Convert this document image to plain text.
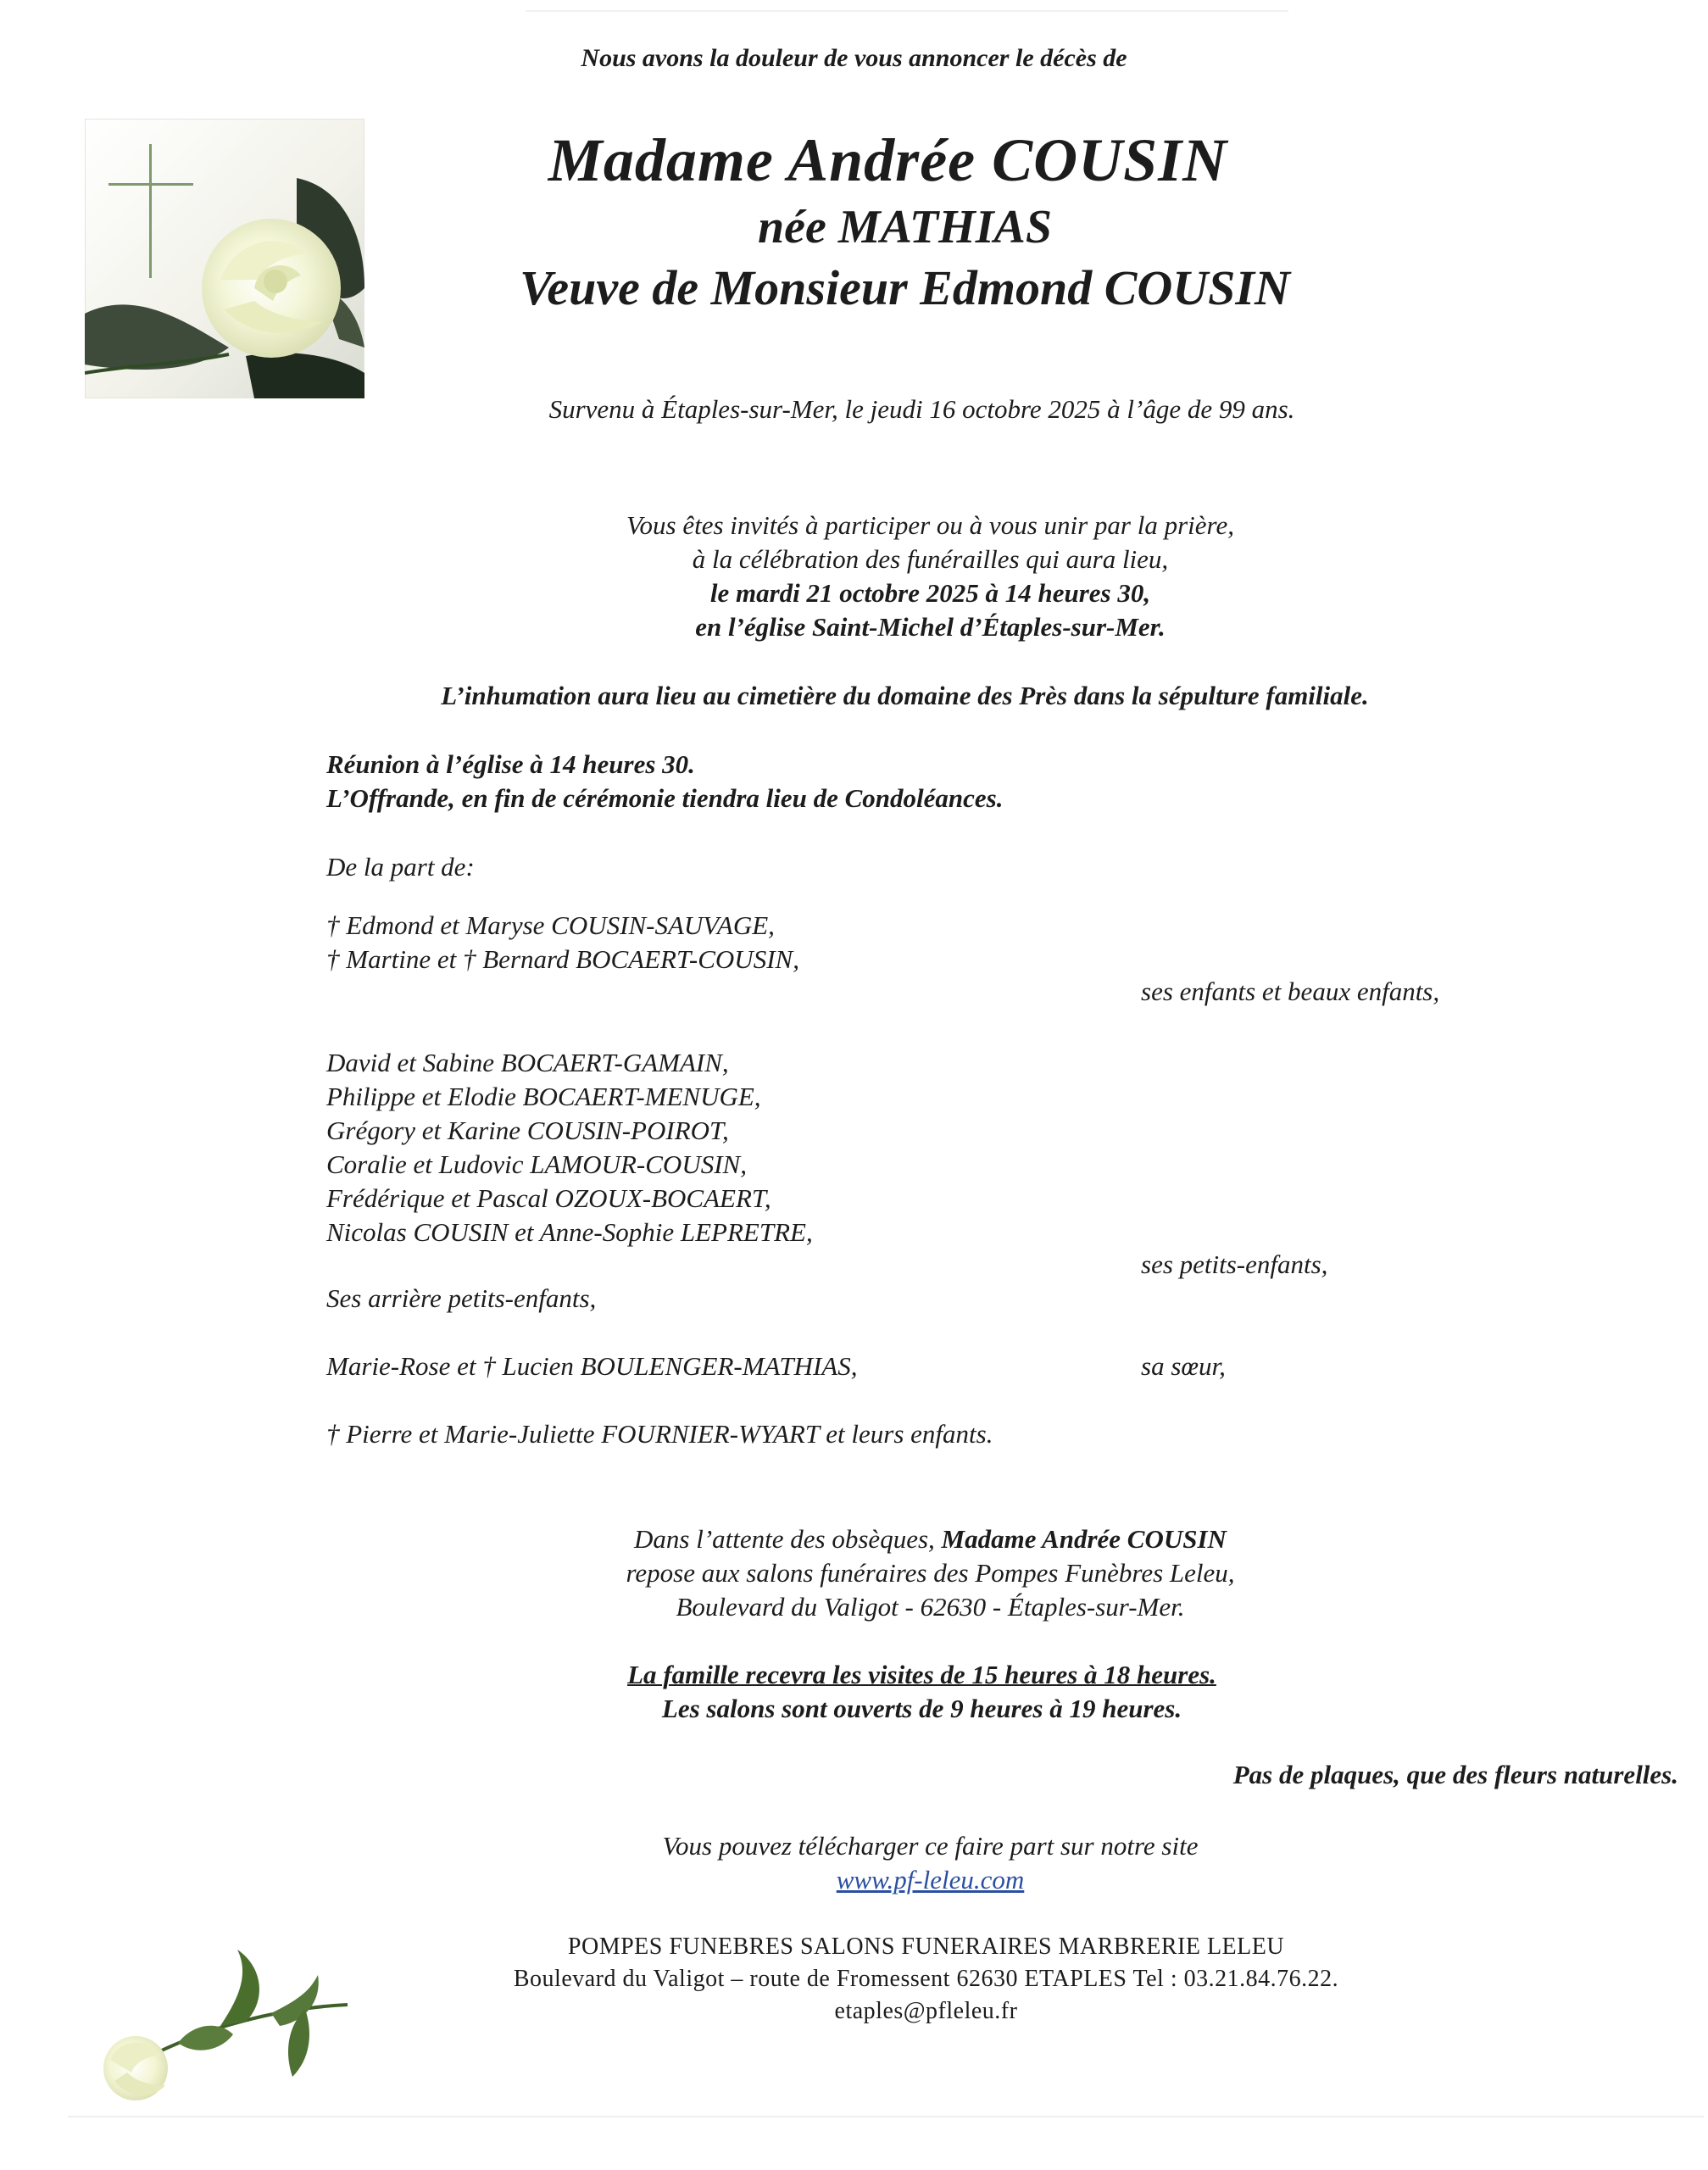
Nous avons la douleur de vous annoncer le décès de
Madame Andrée COUSIN
née MATHIAS
Veuve de Monsieur Edmond COUSIN
Survenu à Étaples-sur-Mer, le jeudi 16 octobre 2025 à l’âge de 99 ans.
Vous êtes invités à participer ou à vous unir par la prière,
à la célébration des funérailles qui aura lieu,
le mardi 21 octobre 2025 à 14 heures 30,
en l’église Saint-Michel d’Étaples-sur-Mer.
L’inhumation aura lieu au cimetière du domaine des Près dans la sépulture familiale.
Réunion à l’église à 14 heures 30.
L’Offrande, en fin de cérémonie tiendra lieu de Condoléances.
De la part de:
† Edmond et Maryse COUSIN-SAUVAGE,
† Martine et † Bernard BOCAERT-COUSIN,
ses enfants et beaux enfants,
David et Sabine BOCAERT-GAMAIN,
Philippe et Elodie BOCAERT-MENUGE,
Grégory et Karine COUSIN-POIROT,
Coralie et Ludovic LAMOUR-COUSIN,
Frédérique et Pascal OZOUX-BOCAERT,
Nicolas COUSIN et Anne-Sophie LEPRETRE,
ses petits-enfants,
Ses arrière petits-enfants,
Marie-Rose et † Lucien BOULENGER-MATHIAS,	sa sœur,
† Pierre et Marie-Juliette FOURNIER-WYART et leurs enfants.
Dans l’attente des obsèques, Madame Andrée COUSIN
repose aux salons funéraires des Pompes Funèbres Leleu,
Boulevard du Valigot - 62630 - Étaples-sur-Mer.
La famille recevra les visites de 15 heures à 18 heures.
Les salons sont ouverts de 9 heures à 19 heures.
Pas de plaques, que des fleurs naturelles.
Vous pouvez télécharger ce faire part sur notre site
www.pf-leleu.com
POMPES FUNEBRES SALONS FUNERAIRES MARBRERIE LELEU
Boulevard du Valigot – route de Fromessent 62630 ETAPLES Tel : 03.21.84.76.22.
etaples@pfleleu.fr
